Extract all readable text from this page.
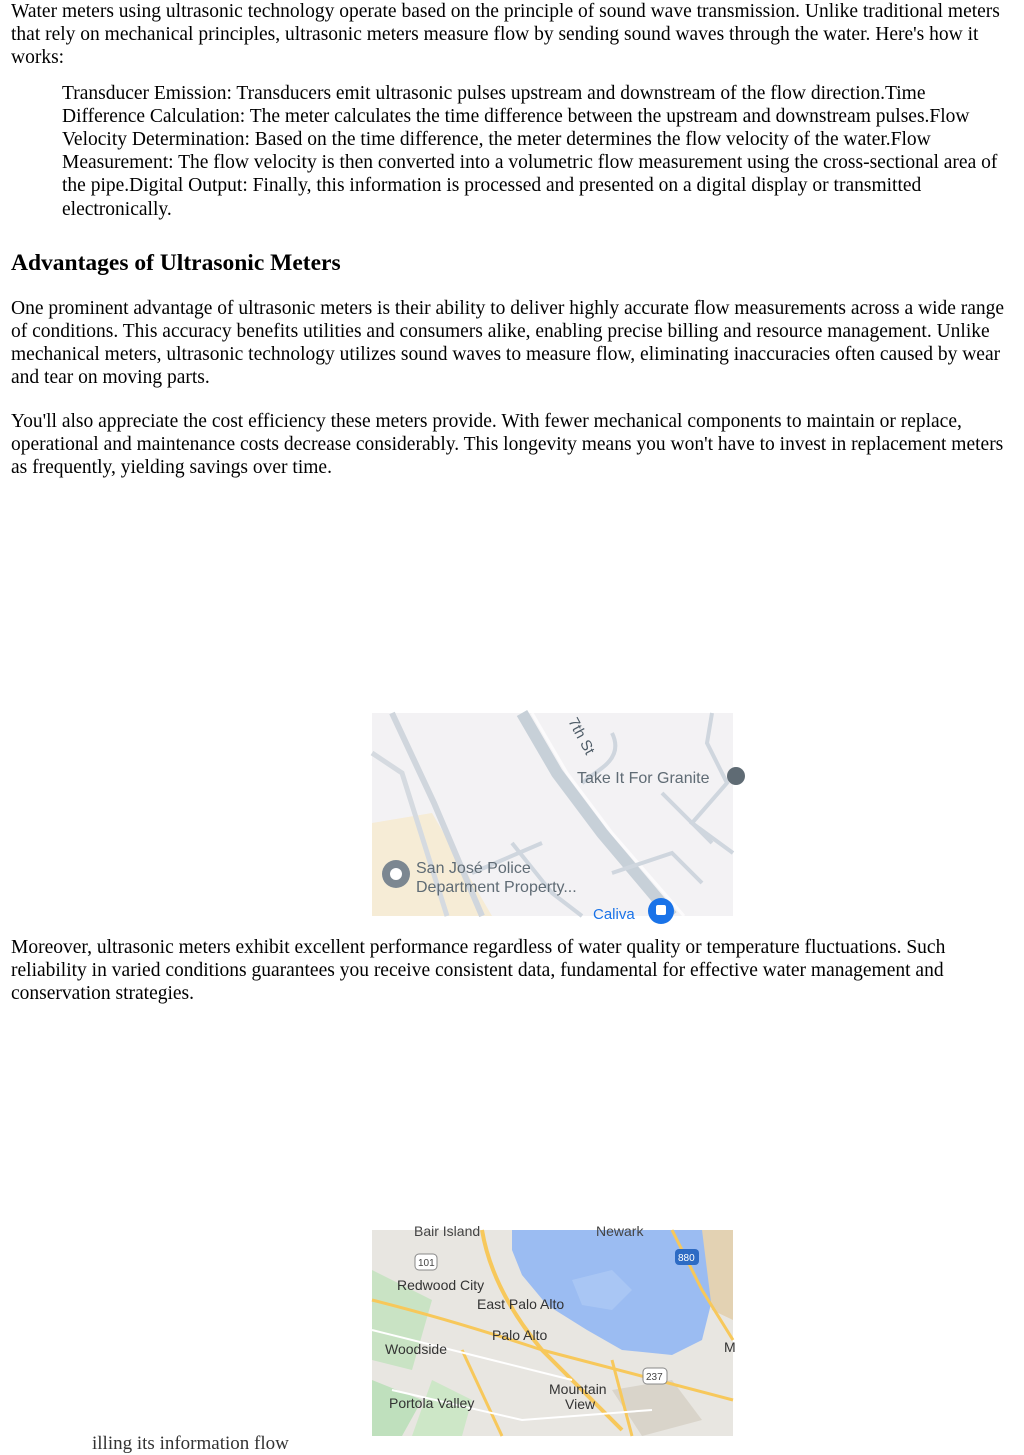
Water meters using ultrasonic technology operate based on the principle of sound wave transmission. Unlike traditional meters that rely on mechanical principles, ultrasonic meters measure flow by sending sound waves through the water. Here's how it works:

Transducer Emission: Transducers emit ultrasonic pulses upstream and downstream of the flow direction.Time Difference Calculation: The meter calculates the time difference between the upstream and downstream pulses.Flow Velocity Determination: Based on the time difference, the meter determines the flow velocity of the water.Flow Measurement: The flow velocity is then converted into a volumetric flow measurement using the cross-sectional area of the pipe.Digital Output: Finally, this information is processed and presented on a digital display or transmitted electronically.

Advantages of Ultrasonic Meters

One prominent advantage of ultrasonic meters is their ability to deliver highly accurate flow measurements across a wide range of conditions. This accuracy benefits utilities and consumers alike, enabling precise billing and resource management. Unlike mechanical meters, ultrasonic technology utilizes sound waves to measure flow, eliminating inaccuracies often caused by wear and tear on moving parts.

You'll also appreciate the cost efficiency these meters provide. With fewer mechanical components to maintain or replace, operational and maintenance costs decrease considerably. This longevity means you won't have to invest in replacement meters as frequently, yielding savings over time.

7th St
Take It For Granite
San José Police
Department Property...
Caliva
Moreover, ultrasonic meters exhibit excellent performance regardless of water quality or temperature fluctuations. Such reliability in varied conditions guarantees you receive consistent data, fundamental for effective water management and conservation strategies.
Bair Island	Newark
101	880
Redwood City
East Palo Alto
Palo Alto
Woodside	M
237
Mountain
View
Portola Valley
illing its information flow
